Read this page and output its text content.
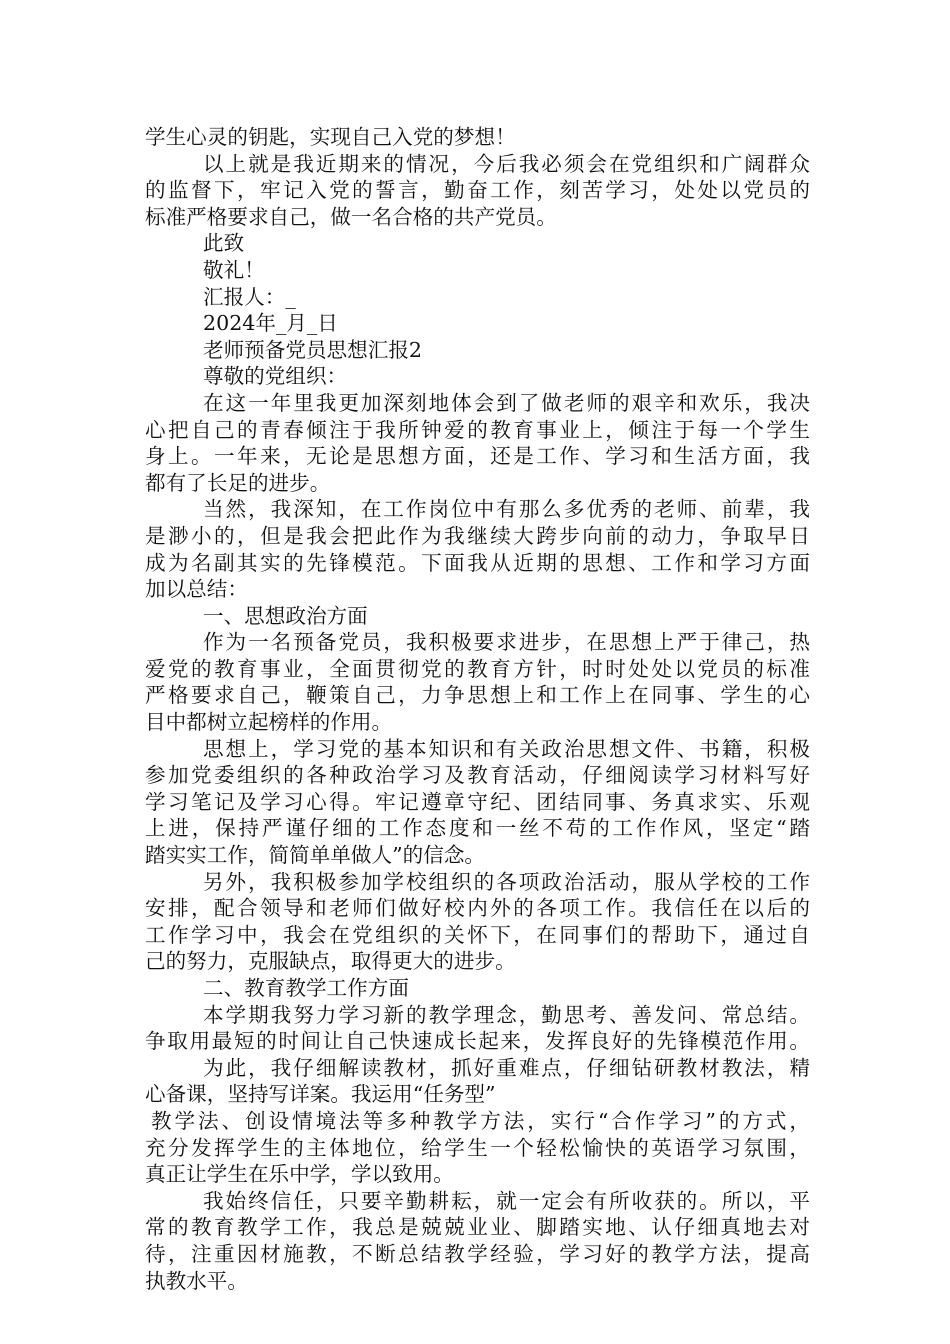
学生心灵的钥匙，实现自己入党的梦想！
以上就是我近期来的情况，今后我必须会在党组织和广阔群众
的监督下，牢记入党的誓言，勤奋工作，刻苦学习，处处以党员的
标准严格要求自己，做一名合格的共产党员。
此致
敬礼！
汇报人：_
2024年_月_日
老师预备党员思想汇报2
尊敬的党组织：
在这一年里我更加深刻地体会到了做老师的艰辛和欢乐，我决
心把自己的青春倾注于我所钟爱的教育事业上，倾注于每一个学生
身上。一年来，无论是思想方面，还是工作、学习和生活方面，我
都有了长足的进步。
当然，我深知，在工作岗位中有那么多优秀的老师、前辈，我
是渺小的，但是我会把此作为我继续大跨步向前的动力，争取早日
成为名副其实的先锋模范。下面我从近期的思想、工作和学习方面
加以总结：
一、思想政治方面
作为一名预备党员，我积极要求进步，在思想上严于律己，热
爱党的教育事业，全面贯彻党的教育方针，时时处处以党员的标准
严格要求自己，鞭策自己，力争思想上和工作上在同事、学生的心
目中都树立起榜样的作用。
思想上，学习党的基本知识和有关政治思想文件、书籍，积极
参加党委组织的各种政治学习及教育活动，仔细阅读学习材料写好
学习笔记及学习心得。牢记遵章守纪、团结同事、务真求实、乐观
上进，保持严谨仔细的工作态度和一丝不苟的工作作风，坚定“踏
踏实实工作，简简单单做人”的信念。
另外，我积极参加学校组织的各项政治活动，服从学校的工作
安排，配合领导和老师们做好校内外的各项工作。我信任在以后的
工作学习中，我会在党组织的关怀下，在同事们的帮助下，通过自
己的努力，克服缺点，取得更大的进步。
二、教育教学工作方面
本学期我努力学习新的教学理念，勤思考、善发问、常总结。
争取用最短的时间让自己快速成长起来，发挥良好的先锋模范作用。
为此，我仔细解读教材，抓好重难点，仔细钻研教材教法，精
心备课，坚持写详案。我运用“任务型”
教学法、创设情境法等多种教学方法，实行“合作学习”的方式，
充分发挥学生的主体地位，给学生一个轻松愉快的英语学习氛围，
真正让学生在乐中学，学以致用。
我始终信任，只要辛勤耕耘，就一定会有所收获的。所以，平
常的教育教学工作，我总是兢兢业业、脚踏实地、认仔细真地去对
待，注重因材施教，不断总结教学经验，学习好的教学方法，提高
执教水平。
